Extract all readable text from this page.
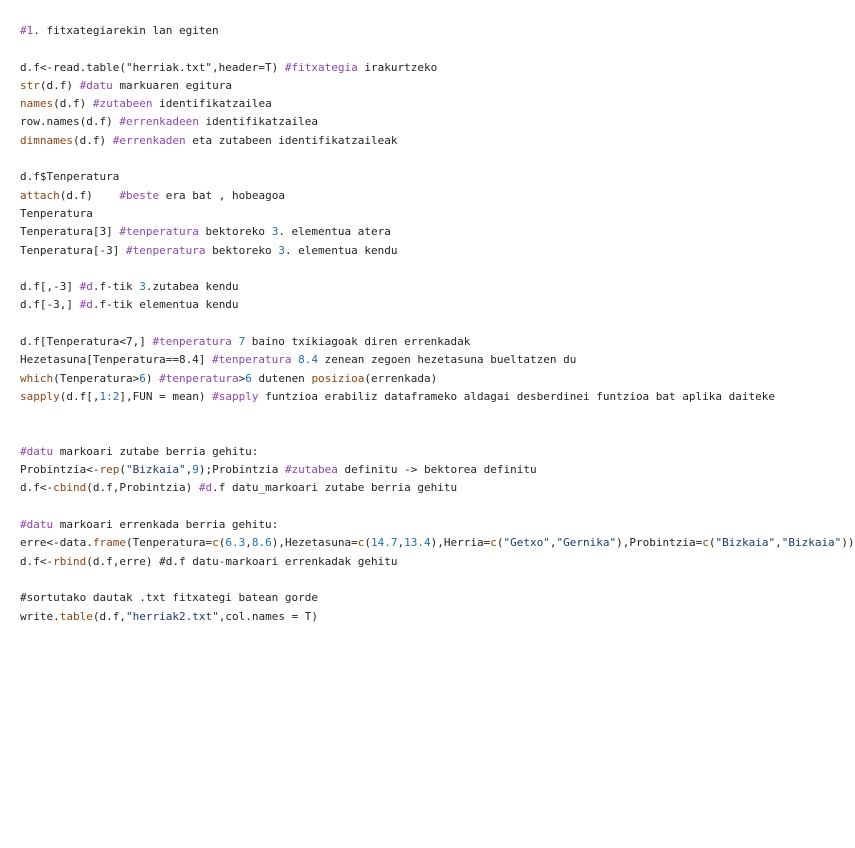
#1. fitxategiarekin lan egiten

d.f<-read.table("herriak.txt",header=T) #fitxategia irakurtzeko
str(d.f) #datu markuaren egitura
names(d.f) #zutabeen identifikatzailea
row.names(d.f) #errenkadeen identifikatzailea
dimnames(d.f) #errenkaden eta zutabeen identifikatzaileak

d.f$Tenperatura
attach(d.f)    #beste era bat , hobeagoa
Tenperatura
Tenperatura[3] #tenperatura bektoreko 3. elementua atera
Tenperatura[-3] #tenperatura bektoreko 3. elementua kendu

d.f[,-3] #d.f-tik 3.zutabea kendu
d.f[-3,] #d.f-tik elementua kendu

d.f[Tenperatura<7,] #tenperatura 7 baino txikiagoak diren errenkadak
Hezetasuna[Tenperatura==8.4] #tenperatura 8.4 zenean zegoen hezetasuna bueltatzen du
which(Tenperatura>6) #tenperatura>6 dutenen posizioa(errenkada)
sapply(d.f[,1:2],FUN = mean) #sapply funtzioa erabiliz dataframeko aldagai desberdinei funtzioa bat aplika daiteke

#datu markoari zutabe berria gehitu:
Probintzia<-rep("Bizkaia",9);Probintzia #zutabea definitu -> bektorea definitu
d.f<-cbind(d.f,Probintzia) #d.f datu_markoari zutabe berria gehitu

#datu markoari errenkada berria gehitu:
erre<-data.frame(Tenperatura=c(6.3,8.6),Hezetasuna=c(14.7,13.4),Herria=c("Getxo","Gernika"),Probintzia=c("Bizkaia","Bizkaia"))
d.f<-rbind(d.f,erre) #d.f datu-markoari errenkadak gehitu

#sortutako dautak .txt fitxategi batean gorde
write.table(d.f,"herriak2.txt",col.names = T)
